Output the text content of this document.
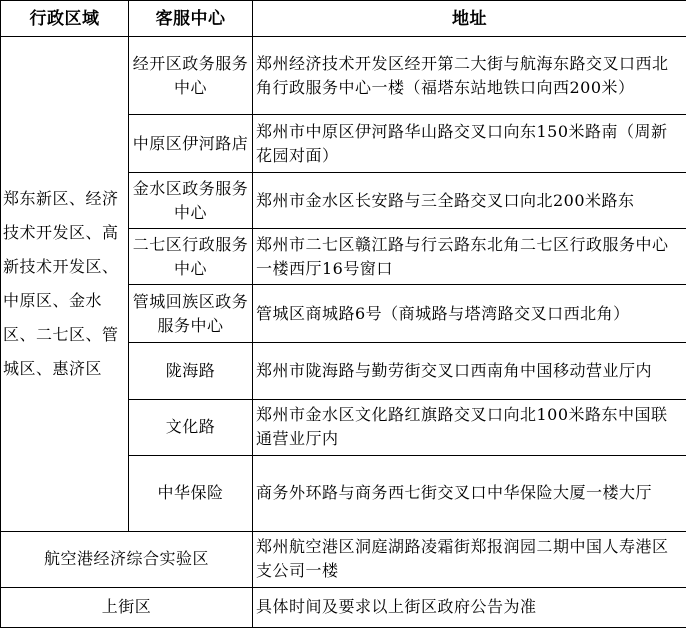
行政区域	客服中心	地址
郑东新区、经济技术开发区、高新技术开发区、中原区、金水区、二七区、管城区、惠济区	经开区政务服务中心	郑州经济技术开发区经开第二大街与航海东路交叉口西北角行政服务中心一楼（福塔东站地铁口向西200米）
	中原区伊河路店	郑州市中原区伊河路华山路交叉口向东150米路南（周新花园对面）
	金水区政务服务中心	郑州市金水区长安路与三全路交叉口向北200米路东
	二七区行政服务中心	郑州市二七区赣江路与行云路东北角二七区行政服务中心一楼西厅16号窗口
	管城回族区政务服务中心	管城区商城路6号（商城路与塔湾路交叉口西北角）
	陇海路	郑州市陇海路与勤劳街交叉口西南角中国移动营业厅内
	文化路	郑州市金水区文化路红旗路交叉口向北100米路东中国联通营业厅内
	中华保险	商务外环路与商务西七街交叉口中华保险大厦一楼大厅
航空港经济综合实验区		郑州航空港区洞庭湖路凌霜街郑报润园二期中国人寿港区支公司一楼
上街区		具体时间及要求以上街区政府公告为准
